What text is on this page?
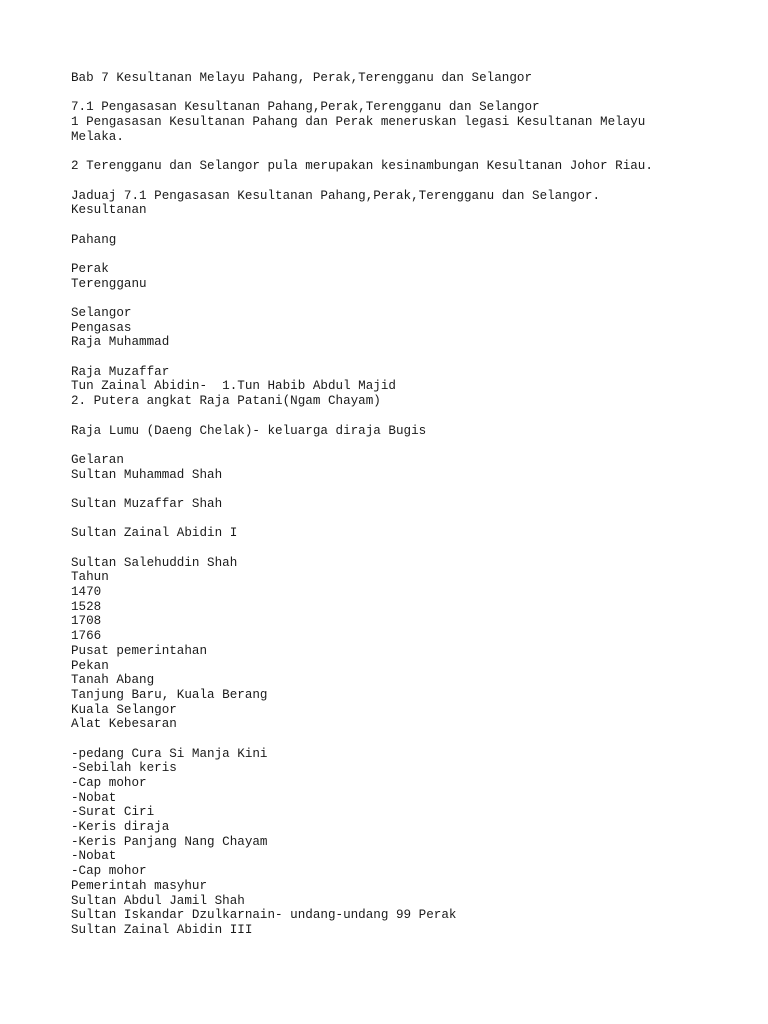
Bab 7 Kesultanan Melayu Pahang, Perak,Terengganu dan Selangor
7.1 Pengasasan Kesultanan Pahang,Perak,Terengganu dan Selangor
1 Pengasasan Kesultanan Pahang dan Perak meneruskan legasi Kesultanan Melayu
Melaka.
2 Terengganu dan Selangor pula merupakan kesinambungan Kesultanan Johor Riau.
Jaduaj 7.1 Pengasasan Kesultanan Pahang,Perak,Terengganu dan Selangor.
Kesultanan
Pahang
Perak
Terengganu
Selangor
Pengasas
Raja Muhammad
Raja Muzaffar
Tun Zainal Abidin-  1.Tun Habib Abdul Majid
2. Putera angkat Raja Patani(Ngam Chayam)
Raja Lumu (Daeng Chelak)- keluarga diraja Bugis
Gelaran
Sultan Muhammad Shah
Sultan Muzaffar Shah
Sultan Zainal Abidin I
Sultan Salehuddin Shah
Tahun
1470
1528
1708
1766
Pusat pemerintahan
Pekan
Tanah Abang
Tanjung Baru, Kuala Berang
Kuala Selangor
Alat Kebesaran
-pedang Cura Si Manja Kini
-Sebilah keris
-Cap mohor
-Nobat
-Surat Ciri
-Keris diraja
-Keris Panjang Nang Chayam
-Nobat
-Cap mohor
Pemerintah masyhur
Sultan Abdul Jamil Shah
Sultan Iskandar Dzulkarnain- undang-undang 99 Perak
Sultan Zainal Abidin III
